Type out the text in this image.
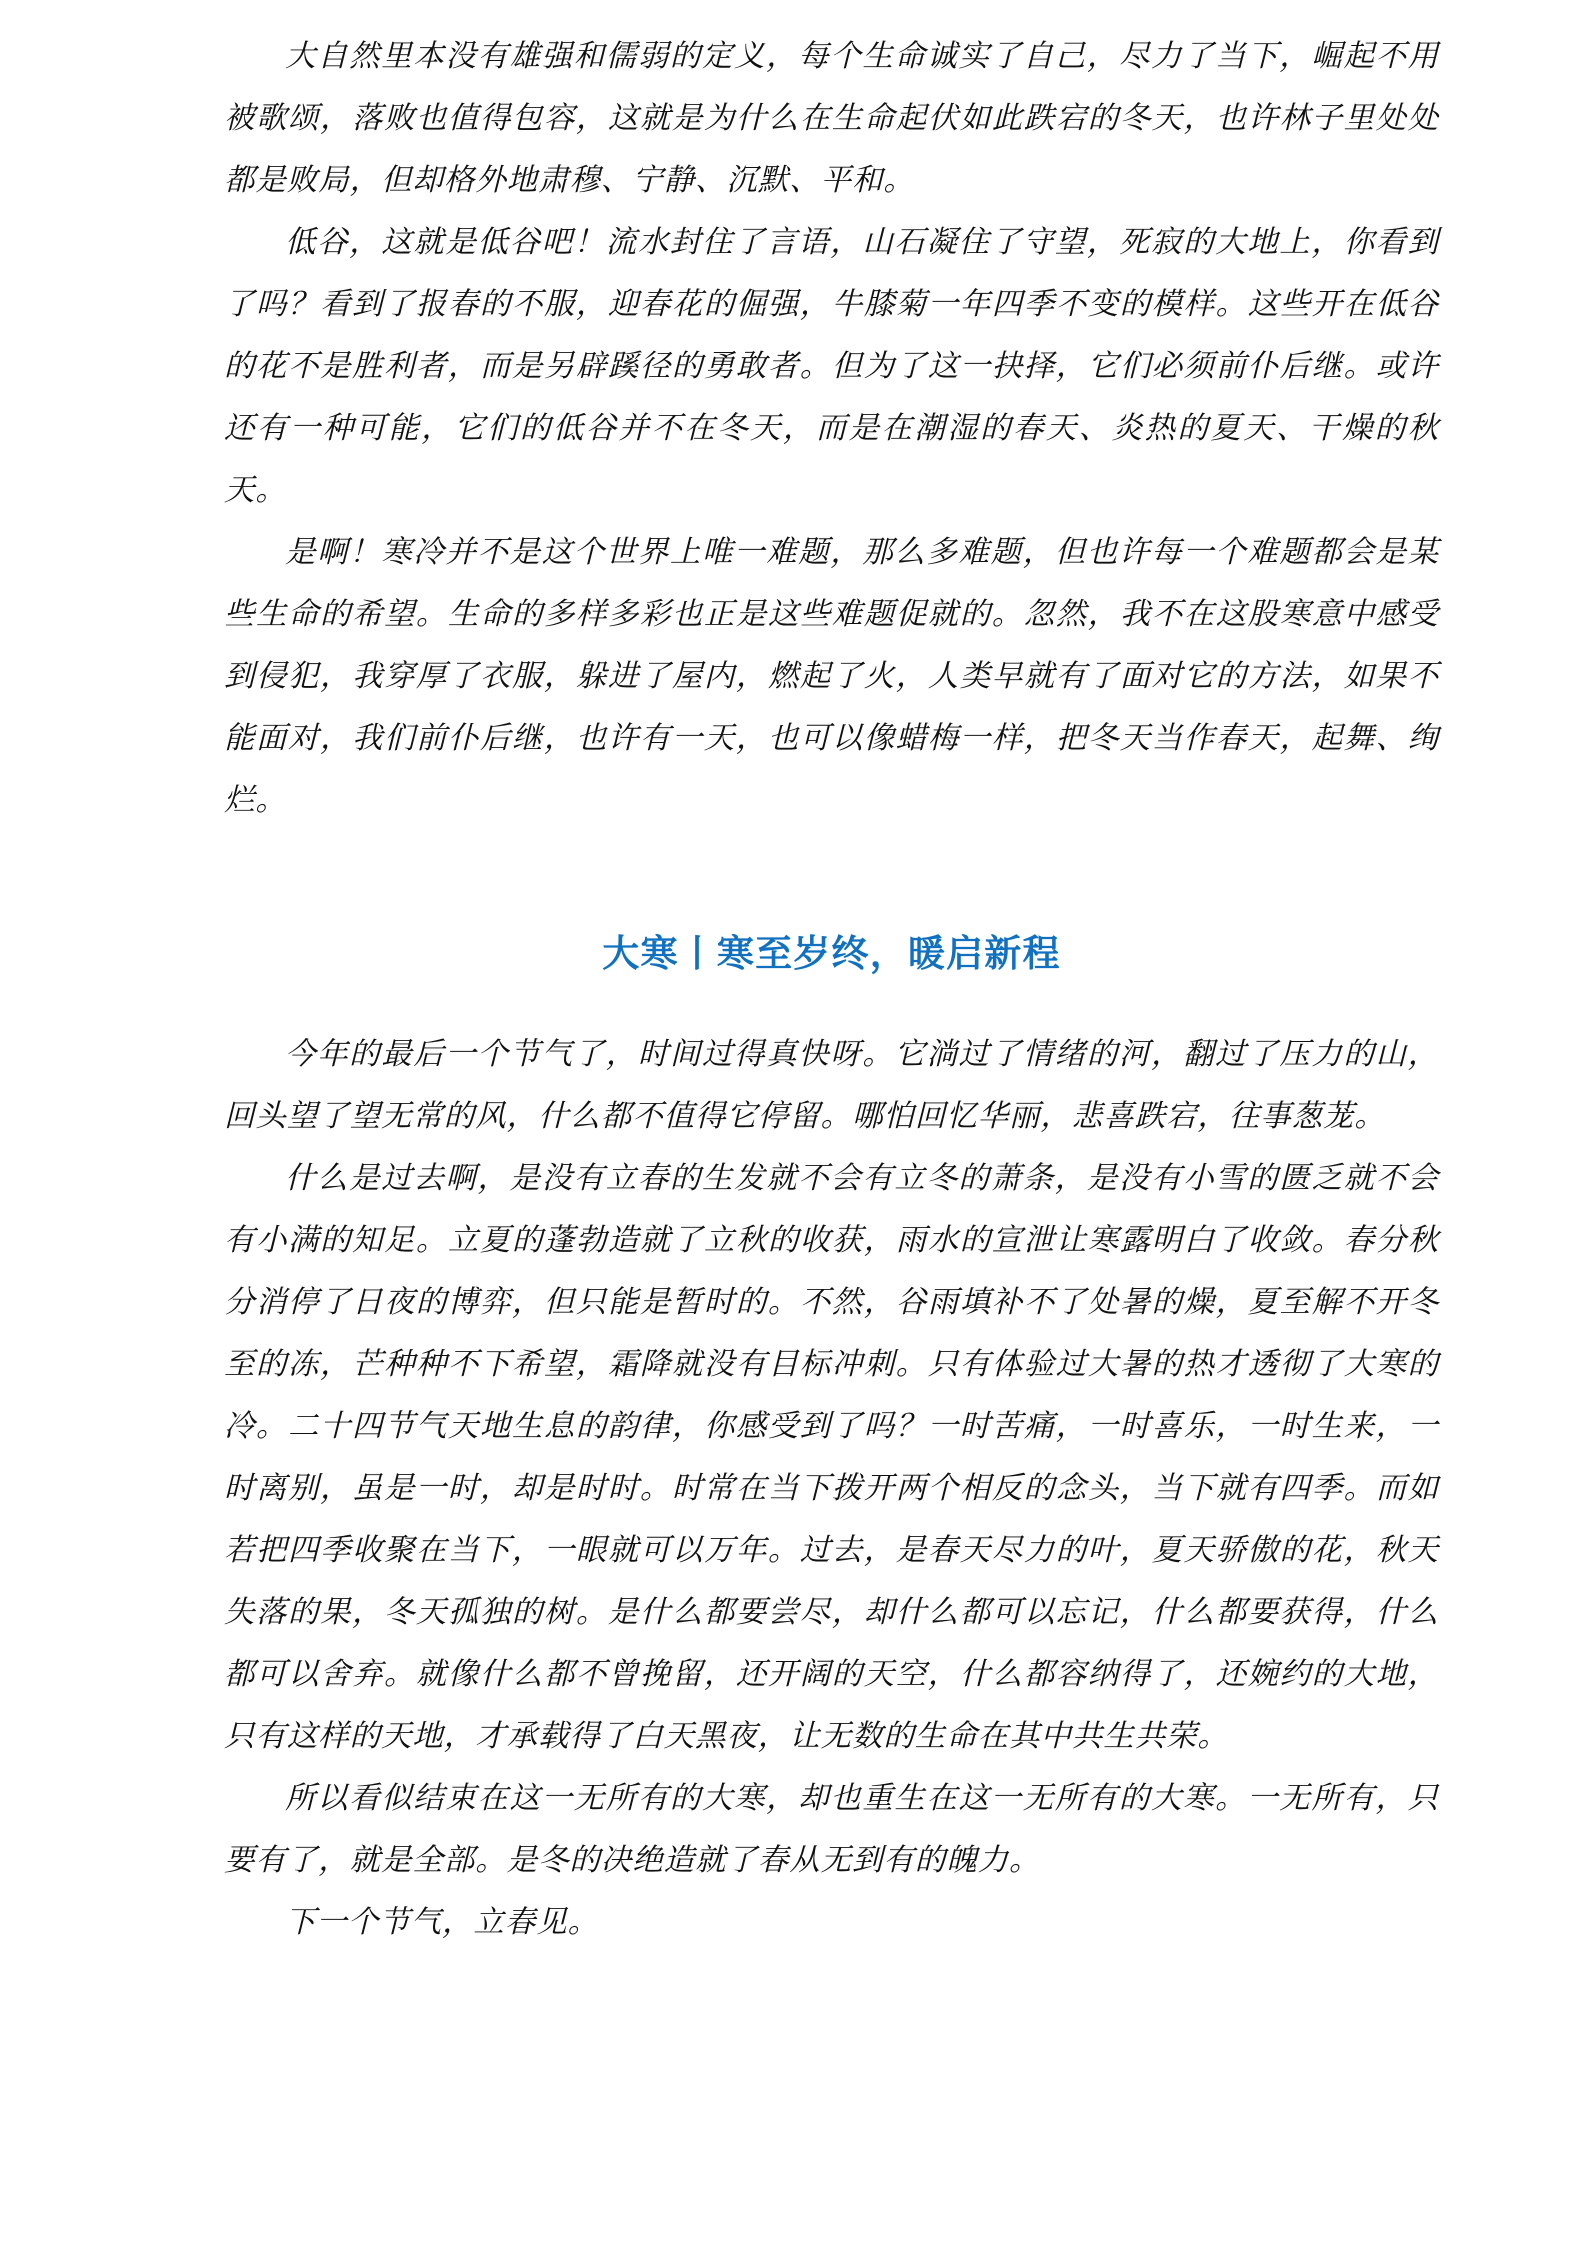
大自然里本没有雄强和儒弱的定义，每个生命诚实了自己，尽力了当下，崛起不用被歌颂，落败也值得包容，这就是为什么在生命起伏如此跌宕的冬天，也许林子里处处都是败局，但却格外地肃穆、宁静、沉默、平和。

低谷，这就是低谷吧！流水封住了言语，山石凝住了守望，死寂的大地上，你看到了吗？看到了报春的不服，迎春花的倔强，牛膝菊一年四季不变的模样。这些开在低谷的花不是胜利者，而是另辟蹊径的勇敢者。但为了这一抉择，它们必须前仆后继。或许还有一种可能，它们的低谷并不在冬天，而是在潮湿的春天、炎热的夏天、干燥的秋天。

是啊！寒冷并不是这个世界上唯一难题，那么多难题，但也许每一个难题都会是某些生命的希望。生命的多样多彩也正是这些难题促就的。忽然，我不在这股寒意中感受到侵犯，我穿厚了衣服，躲进了屋内，燃起了火，人类早就有了面对它的方法，如果不能面对，我们前仆后继，也许有一天，也可以像蜡梅一样，把冬天当作春天，起舞、绚烂。

大寒丨寒至岁终，暖启新程

今年的最后一个节气了，时间过得真快呀。它淌过了情绪的河，翻过了压力的山，回头望了望无常的风，什么都不值得它停留。哪怕回忆华丽，悲喜跌宕，往事葱茏。

什么是过去啊，是没有立春的生发就不会有立冬的萧条，是没有小雪的匮乏就不会有小满的知足。立夏的蓬勃造就了立秋的收获，雨水的宣泄让寒露明白了收敛。春分秋分消停了日夜的博弈，但只能是暂时的。不然，谷雨填补不了处暑的燥，夏至解不开冬至的冻，芒种种不下希望，霜降就没有目标冲刺。只有体验过大暑的热才透彻了大寒的冷。二十四节气天地生息的韵律，你感受到了吗？一时苦痛，一时喜乐，一时生来，一时离别，虽是一时，却是时时。时常在当下拨开两个相反的念头，当下就有四季。而如若把四季收聚在当下，一眼就可以万年。过去，是春天尽力的叶，夏天骄傲的花，秋天失落的果，冬天孤独的树。是什么都要尝尽，却什么都可以忘记，什么都要获得，什么都可以舍弃。就像什么都不曾挽留，还开阔的天空，什么都容纳得了，还婉约的大地，只有这样的天地，才承载得了白天黑夜，让无数的生命在其中共生共荣。

所以看似结束在这一无所有的大寒，却也重生在这一无所有的大寒。一无所有，只要有了，就是全部。是冬的决绝造就了春从无到有的魄力。

下一个节气，立春见。
